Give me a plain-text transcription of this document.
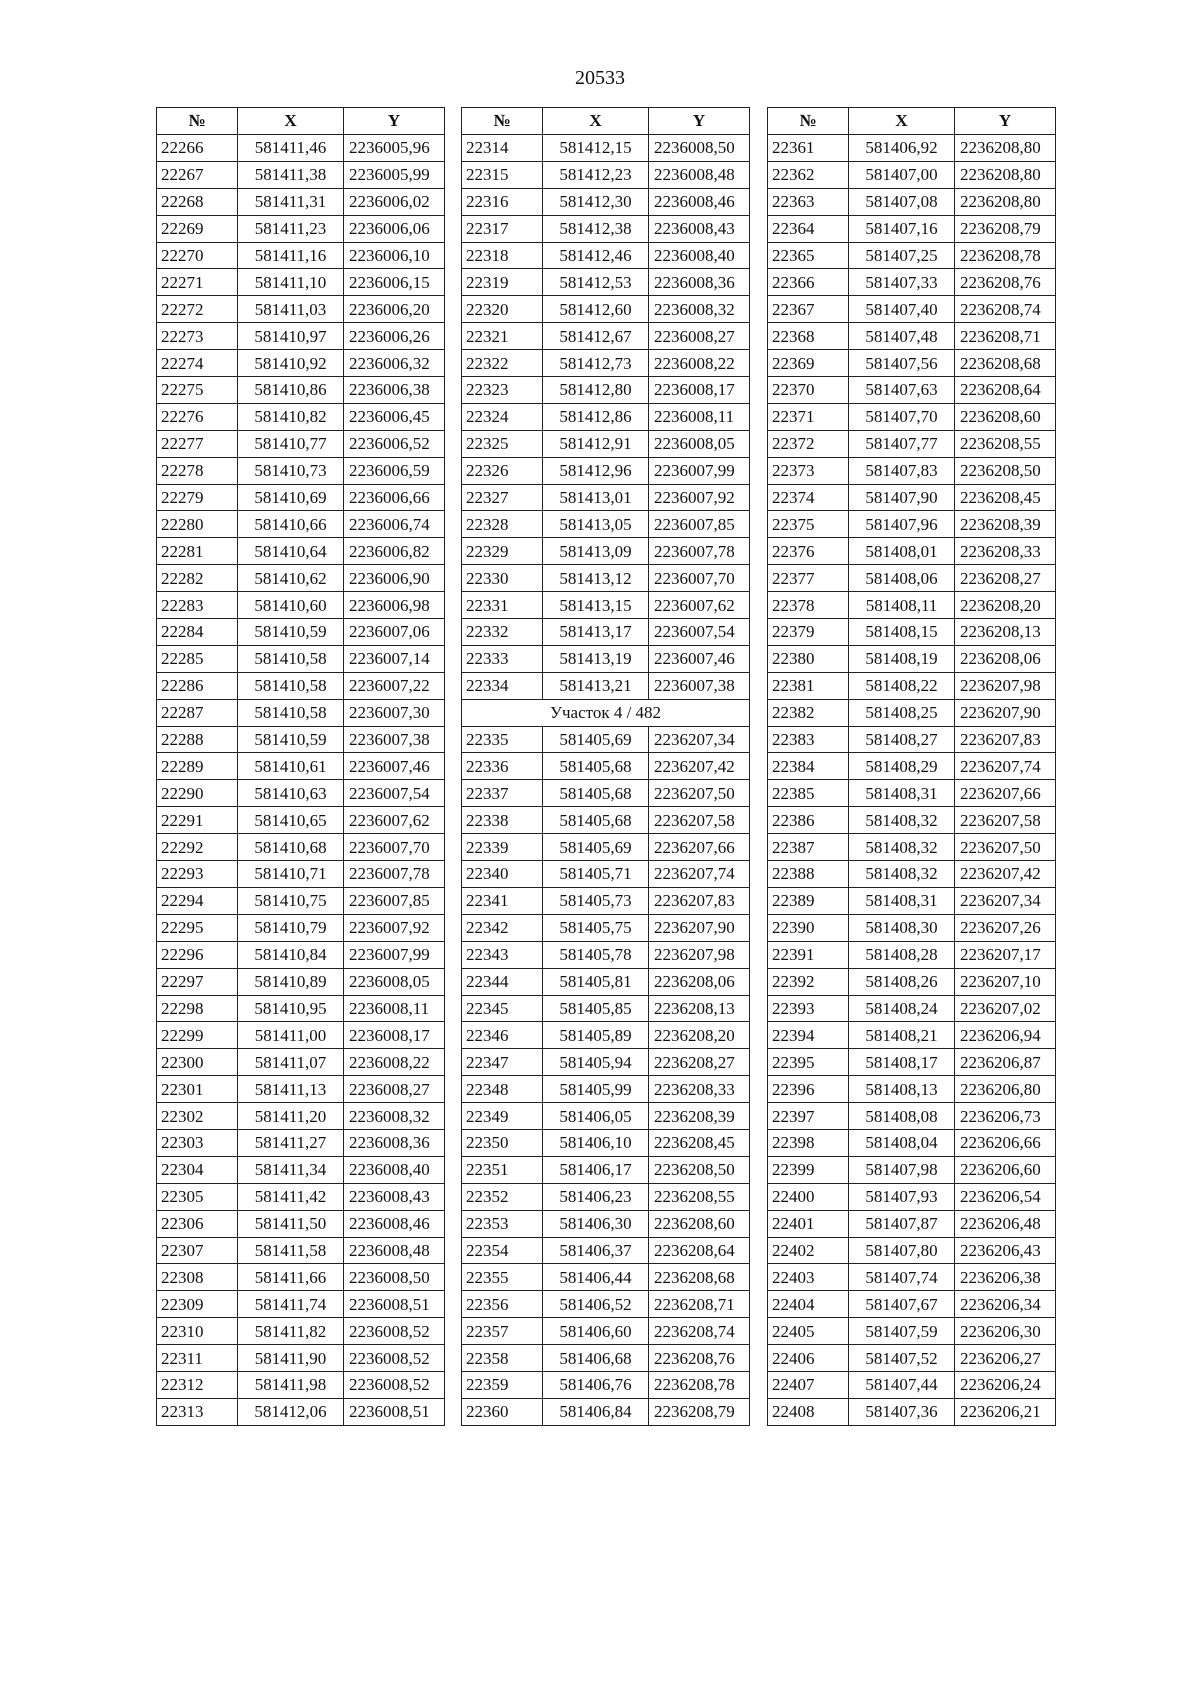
20533
№	X	Y
22266	581411,46	2236005,96
22267	581411,38	2236005,99
22268	581411,31	2236006,02
22269	581411,23	2236006,06
22270	581411,16	2236006,10
22271	581411,10	2236006,15
22272	581411,03	2236006,20
22273	581410,97	2236006,26
22274	581410,92	2236006,32
22275	581410,86	2236006,38
22276	581410,82	2236006,45
22277	581410,77	2236006,52
22278	581410,73	2236006,59
22279	581410,69	2236006,66
22280	581410,66	2236006,74
22281	581410,64	2236006,82
22282	581410,62	2236006,90
22283	581410,60	2236006,98
22284	581410,59	2236007,06
22285	581410,58	2236007,14
22286	581410,58	2236007,22
22287	581410,58	2236007,30
22288	581410,59	2236007,38
22289	581410,61	2236007,46
22290	581410,63	2236007,54
22291	581410,65	2236007,62
22292	581410,68	2236007,70
22293	581410,71	2236007,78
22294	581410,75	2236007,85
22295	581410,79	2236007,92
22296	581410,84	2236007,99
22297	581410,89	2236008,05
22298	581410,95	2236008,11
22299	581411,00	2236008,17
22300	581411,07	2236008,22
22301	581411,13	2236008,27
22302	581411,20	2236008,32
22303	581411,27	2236008,36
22304	581411,34	2236008,40
22305	581411,42	2236008,43
22306	581411,50	2236008,46
22307	581411,58	2236008,48
22308	581411,66	2236008,50
22309	581411,74	2236008,51
22310	581411,82	2236008,52
22311	581411,90	2236008,52
22312	581411,98	2236008,52
22313	581412,06	2236008,51
№	X	Y
22314	581412,15	2236008,50
22315	581412,23	2236008,48
22316	581412,30	2236008,46
22317	581412,38	2236008,43
22318	581412,46	2236008,40
22319	581412,53	2236008,36
22320	581412,60	2236008,32
22321	581412,67	2236008,27
22322	581412,73	2236008,22
22323	581412,80	2236008,17
22324	581412,86	2236008,11
22325	581412,91	2236008,05
22326	581412,96	2236007,99
22327	581413,01	2236007,92
22328	581413,05	2236007,85
22329	581413,09	2236007,78
22330	581413,12	2236007,70
22331	581413,15	2236007,62
22332	581413,17	2236007,54
22333	581413,19	2236007,46
22334	581413,21	2236007,38
Участок 4 / 482		
22335	581405,69	2236207,34
22336	581405,68	2236207,42
22337	581405,68	2236207,50
22338	581405,68	2236207,58
22339	581405,69	2236207,66
22340	581405,71	2236207,74
22341	581405,73	2236207,83
22342	581405,75	2236207,90
22343	581405,78	2236207,98
22344	581405,81	2236208,06
22345	581405,85	2236208,13
22346	581405,89	2236208,20
22347	581405,94	2236208,27
22348	581405,99	2236208,33
22349	581406,05	2236208,39
22350	581406,10	2236208,45
22351	581406,17	2236208,50
22352	581406,23	2236208,55
22353	581406,30	2236208,60
22354	581406,37	2236208,64
22355	581406,44	2236208,68
22356	581406,52	2236208,71
22357	581406,60	2236208,74
22358	581406,68	2236208,76
22359	581406,76	2236208,78
22360	581406,84	2236208,79
№	X	Y
22361	581406,92	2236208,80
22362	581407,00	2236208,80
22363	581407,08	2236208,80
22364	581407,16	2236208,79
22365	581407,25	2236208,78
22366	581407,33	2236208,76
22367	581407,40	2236208,74
22368	581407,48	2236208,71
22369	581407,56	2236208,68
22370	581407,63	2236208,64
22371	581407,70	2236208,60
22372	581407,77	2236208,55
22373	581407,83	2236208,50
22374	581407,90	2236208,45
22375	581407,96	2236208,39
22376	581408,01	2236208,33
22377	581408,06	2236208,27
22378	581408,11	2236208,20
22379	581408,15	2236208,13
22380	581408,19	2236208,06
22381	581408,22	2236207,98
22382	581408,25	2236207,90
22383	581408,27	2236207,83
22384	581408,29	2236207,74
22385	581408,31	2236207,66
22386	581408,32	2236207,58
22387	581408,32	2236207,50
22388	581408,32	2236207,42
22389	581408,31	2236207,34
22390	581408,30	2236207,26
22391	581408,28	2236207,17
22392	581408,26	2236207,10
22393	581408,24	2236207,02
22394	581408,21	2236206,94
22395	581408,17	2236206,87
22396	581408,13	2236206,80
22397	581408,08	2236206,73
22398	581408,04	2236206,66
22399	581407,98	2236206,60
22400	581407,93	2236206,54
22401	581407,87	2236206,48
22402	581407,80	2236206,43
22403	581407,74	2236206,38
22404	581407,67	2236206,34
22405	581407,59	2236206,30
22406	581407,52	2236206,27
22407	581407,44	2236206,24
22408	581407,36	2236206,21
